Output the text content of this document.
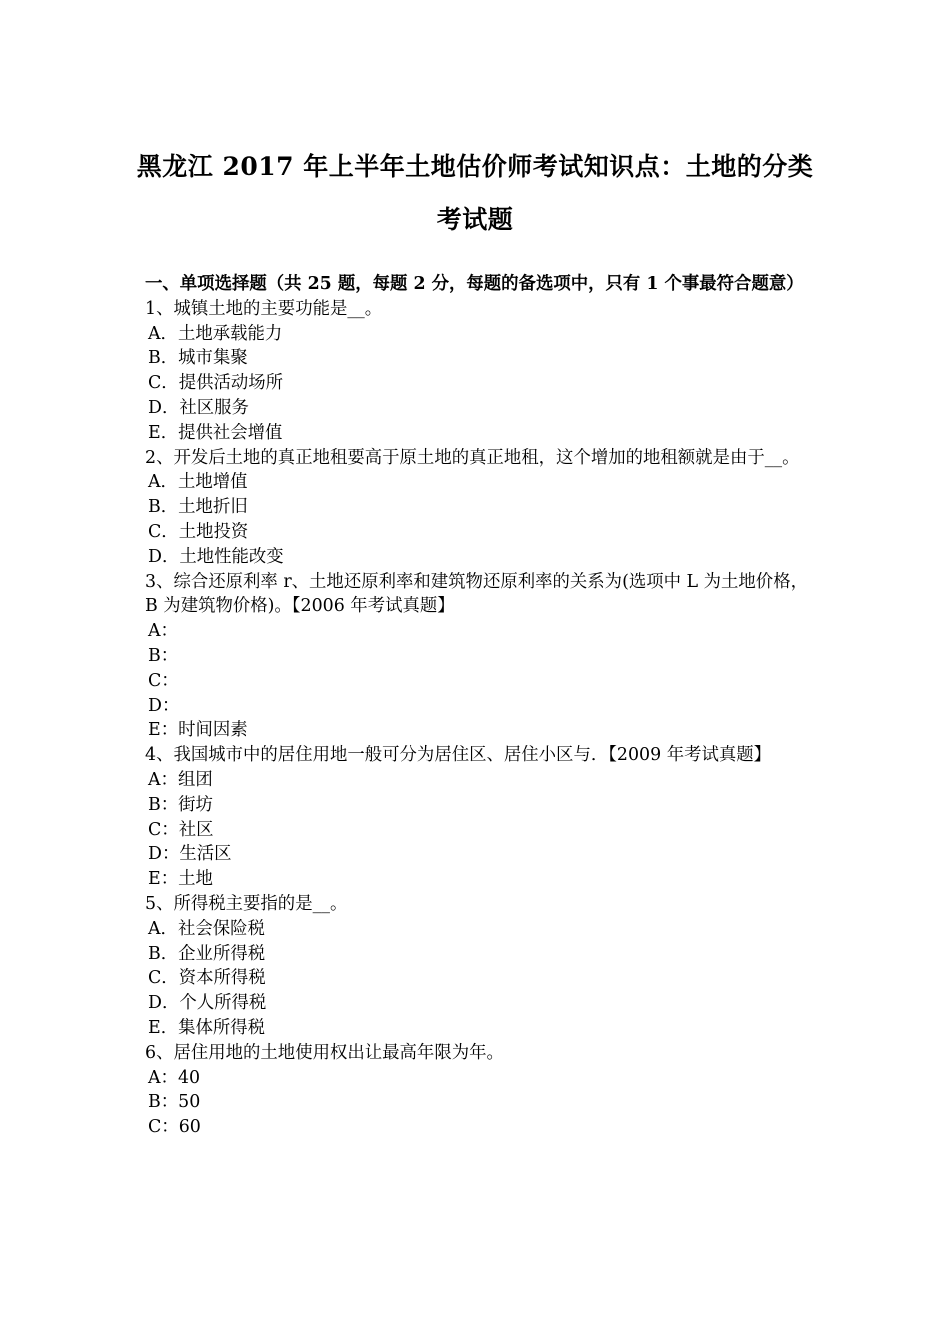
黑龙江 2017 年上半年土地估价师考试知识点：土地的分类
考试题
一、单项选择题（共 25 题，每题 2 分，每题的备选项中，只有 1 个事最符合题意）
1、城镇土地的主要功能是__。
A．土地承载能力
B．城市集聚
C．提供活动场所
D．社区服务
E．提供社会增值
2、开发后土地的真正地租要高于原土地的真正地租，这个增加的地租额就是由于__。
A．土地增值
B．土地折旧
C．土地投资
D．土地性能改变
3、综合还原利率 r、土地还原利率和建筑物还原利率的关系为(选项中 L 为土地价格，B 为建筑物价格)。【2006 年考试真题】
A：
B：
C：
D：
E：时间因素
4、我国城市中的居住用地一般可分为居住区、居住小区与．【2009 年考试真题】
A：组团
B：街坊
C：社区
D：生活区
E：土地
5、所得税主要指的是__。
A．社会保险税
B．企业所得税
C．资本所得税
D．个人所得税
E．集体所得税
6、居住用地的土地使用权出让最高年限为年。
A：40
B：50
C：60
